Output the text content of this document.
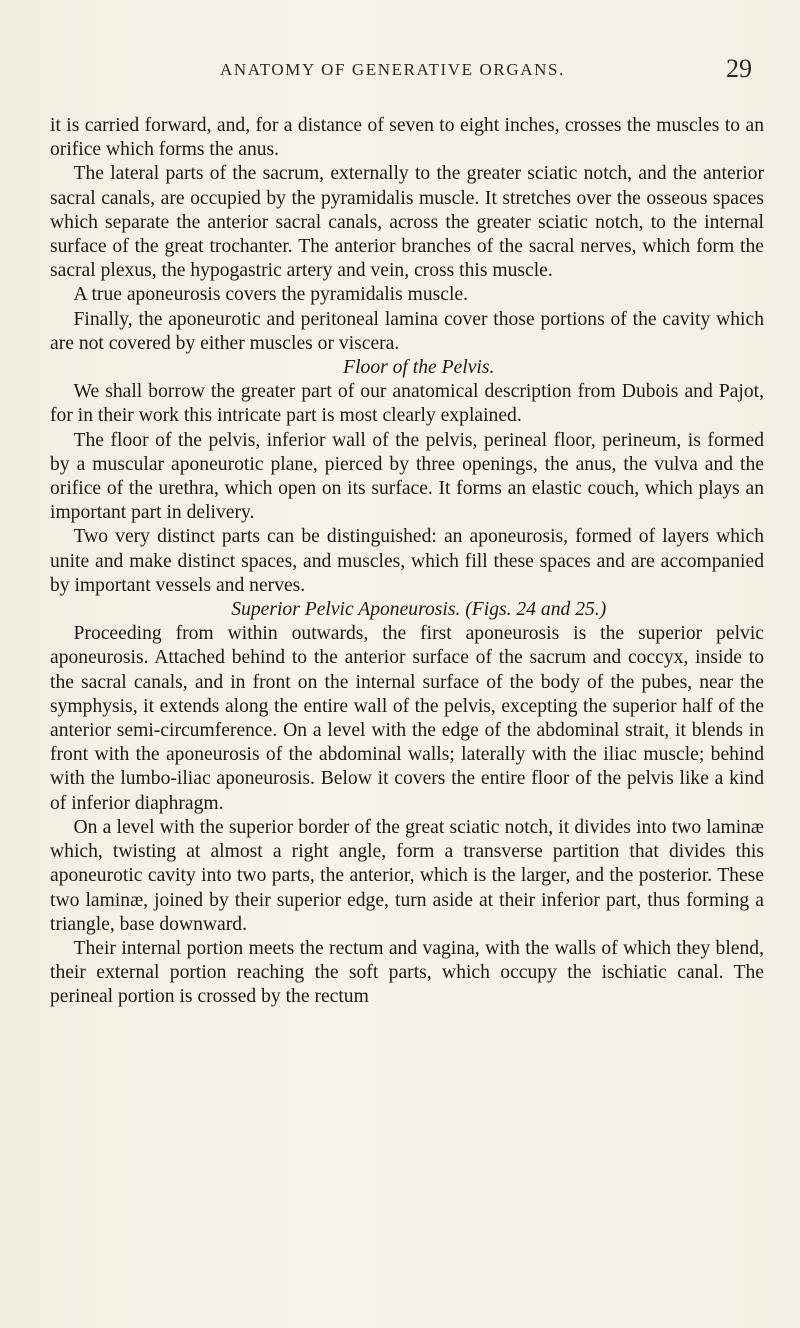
ANATOMY OF GENERATIVE ORGANS.	29

it is carried forward, and, for a distance of seven to eight inches, crosses the muscles to an orifice which forms the anus.

The lateral parts of the sacrum, externally to the greater sciatic notch, and the anterior sacral canals, are occupied by the pyramidalis muscle. It stretches over the osseous spaces which separate the anterior sacral canals, across the greater sciatic notch, to the internal surface of the great trochanter. The anterior branches of the sacral nerves, which form the sacral plexus, the hypogastric artery and vein, cross this muscle.

A true aponeurosis covers the pyramidalis muscle.

Finally, the aponeurotic and peritoneal lamina cover those portions of the cavity which are not covered by either muscles or viscera.

Floor of the Pelvis.

We shall borrow the greater part of our anatomical description from Dubois and Pajot, for in their work this intricate part is most clearly explained.

The floor of the pelvis, inferior wall of the pelvis, perineal floor, perineum, is formed by a muscular aponeurotic plane, pierced by three openings, the anus, the vulva and the orifice of the urethra, which open on its surface. It forms an elastic couch, which plays an important part in delivery.

Two very distinct parts can be distinguished: an aponeurosis, formed of layers which unite and make distinct spaces, and muscles, which fill these spaces and are accompanied by important vessels and nerves.

Superior Pelvic Aponeurosis. (Figs. 24 and 25.)

Proceeding from within outwards, the first aponeurosis is the superior pelvic aponeurosis. Attached behind to the anterior surface of the sacrum and coccyx, inside to the sacral canals, and in front on the internal surface of the body of the pubes, near the symphysis, it extends along the entire wall of the pelvis, excepting the superior half of the anterior semi-circumference. On a level with the edge of the abdominal strait, it blends in front with the aponeurosis of the abdominal walls; laterally with the iliac muscle; behind with the lumbo-iliac aponeurosis. Below it covers the entire floor of the pelvis like a kind of inferior diaphragm.

On a level with the superior border of the great sciatic notch, it divides into two laminæ which, twisting at almost a right angle, form a transverse partition that divides this aponeurotic cavity into two parts, the anterior, which is the larger, and the posterior. These two laminæ, joined by their superior edge, turn aside at their inferior part, thus forming a triangle, base downward.

Their internal portion meets the rectum and vagina, with the walls of which they blend, their external portion reaching the soft parts, which occupy the ischiatic canal. The perineal portion is crossed by the rectum
